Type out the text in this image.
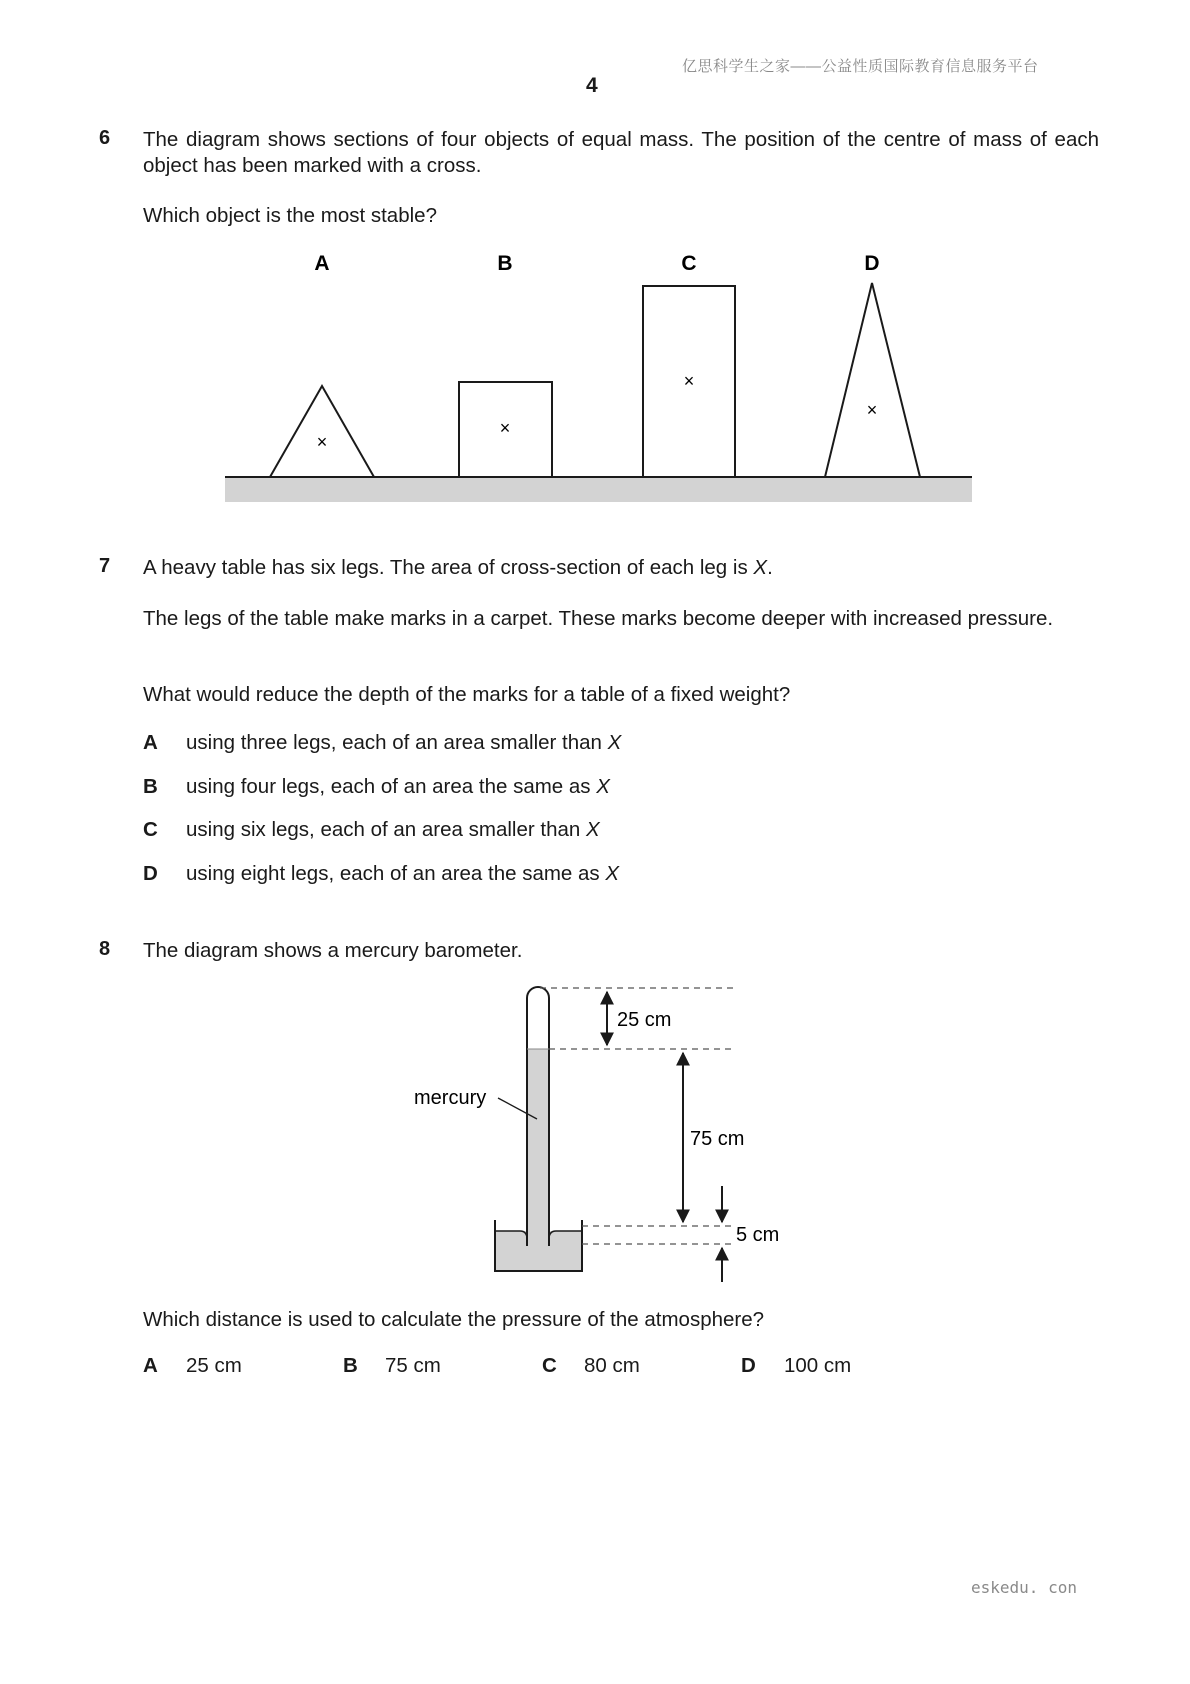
亿思科学生之家——公益性质国际教育信息服务平台
4
6 The diagram shows sections of four objects of equal mass. The position of the centre of mass of each object has been marked with a cross.
Which object is the most stable?
A	B	C	D
×
×
×
×
7 A heavy table has six legs. The area of cross-section of each leg is X.
The legs of the table make marks in a carpet. These marks become deeper with increased pressure.
What would reduce the depth of the marks for a table of a fixed weight?
A using three legs, each of an area smaller than X
B using four legs, each of an area the same as X
C using six legs, each of an area smaller than X
D using eight legs, each of an area the same as X
8 The diagram shows a mercury barometer.
25 cm
75 cm
5 cm
mercury
Which distance is used to calculate the pressure of the atmosphere?
A 25 cm	B 75 cm	C 80 cm	D 100 cm
eskedu. con
